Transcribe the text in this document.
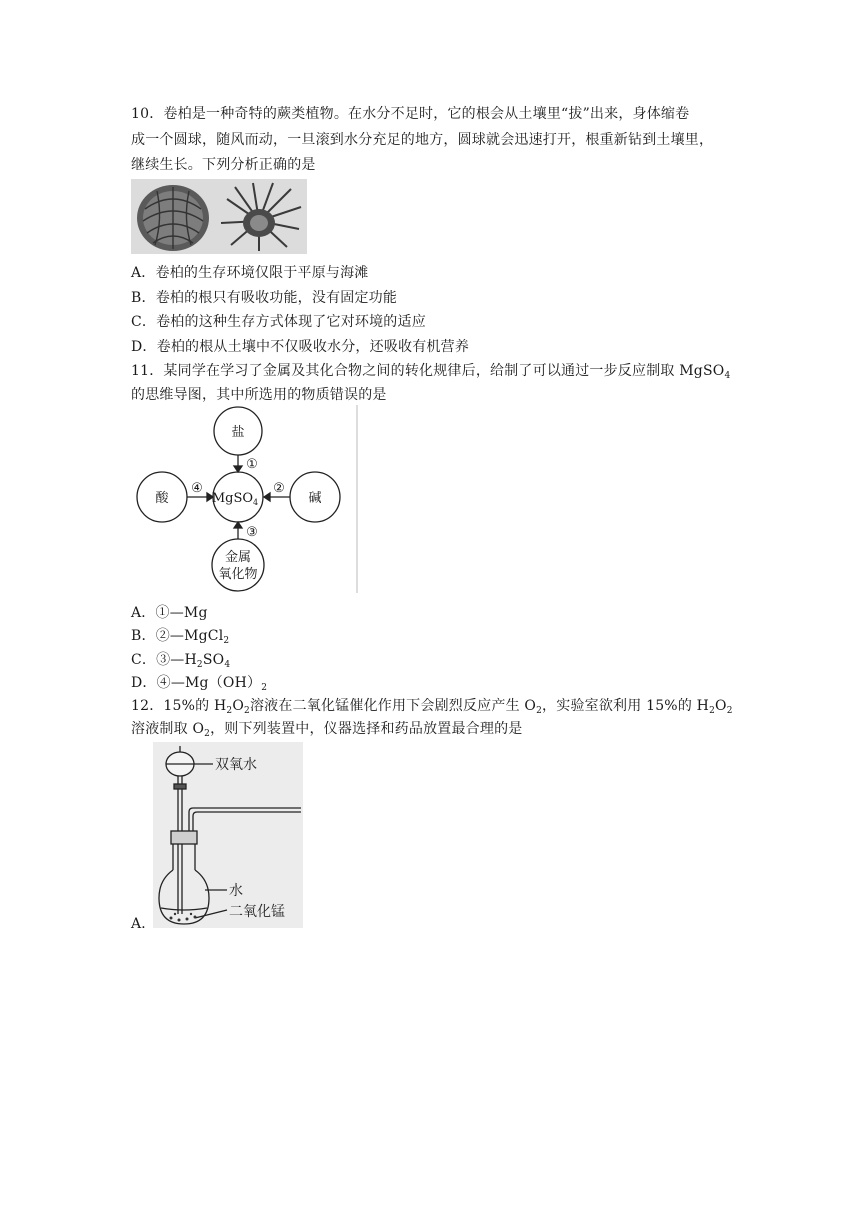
10．卷柏是一种奇特的蕨类植物。在水分不足时，它的根会从土壤里“拔”出来，身体缩卷
成一个圆球，随风而动，一旦滚到水分充足的地方，圆球就会迅速打开，根重新钻到土壤里，
继续生长。下列分析正确的是
A．卷柏的生存环境仅限于平原与海滩
B．卷柏的根只有吸收功能，没有固定功能
C．卷柏的这种生存方式体现了它对环境的适应
D．卷柏的根从土壤中不仅吸收水分，还吸收有机营养
11．某同学在学习了金属及其化合物之间的转化规律后，给制了可以通过一步反应制取 MgSO$_4$
的思维导图，其中所选用的物质错误的是
盐
酸	碱
MgSO$_4$
金属
氧化物
①
②
③
④
A．①—Mg
B．②—MgCl$_2$
C．$③—H_2SO_4$
D．$④—Mg(OH)_2$
12．15%的 $H_2O_2$溶液在二氧化锰催化作用下会剧烈反应产生 $O_2$，实验室欲利用 15%的 $H_2O_2$
溶液制取 $O_2$，则下列装置中，仪器选择和药品放置最合理的是
双氧水
水
二氧化锰
A．
